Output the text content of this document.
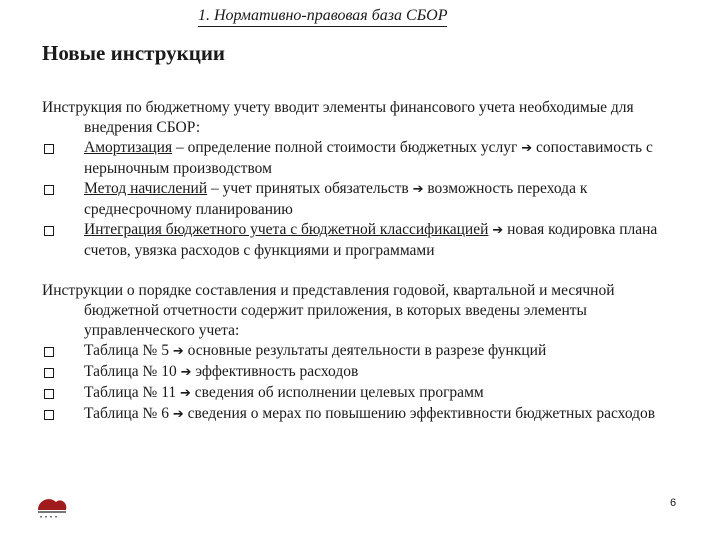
1. Нормативно-правовая база СБОР
Новые инструкции
Инструкция по бюджетному учету вводит элементы финансового учета необходимые для внедрения СБОР:
Амортизация – определение полной стоимости бюджетных услуг ➔ сопоставимость с нерыночным производством
Метод начислений – учет принятых обязательств ➔ возможность перехода к среднесрочному планированию
Интеграция бюджетного учета с бюджетной классификацией ➔ новая кодировка плана счетов, увязка расходов с функциями и программами
Инструкции о порядке составления и представления годовой, квартальной и месячной бюджетной отчетности содержит приложения, в которых введены элементы управленческого учета:
Таблица № 5 ➔ основные результаты деятельности в разрезе функций
Таблица № 10 ➔ эффективность расходов
Таблица № 11 ➔ сведения об исполнении целевых программ
Таблица № 6 ➔ сведения о мерах по повышению эффективности бюджетных расходов
6
